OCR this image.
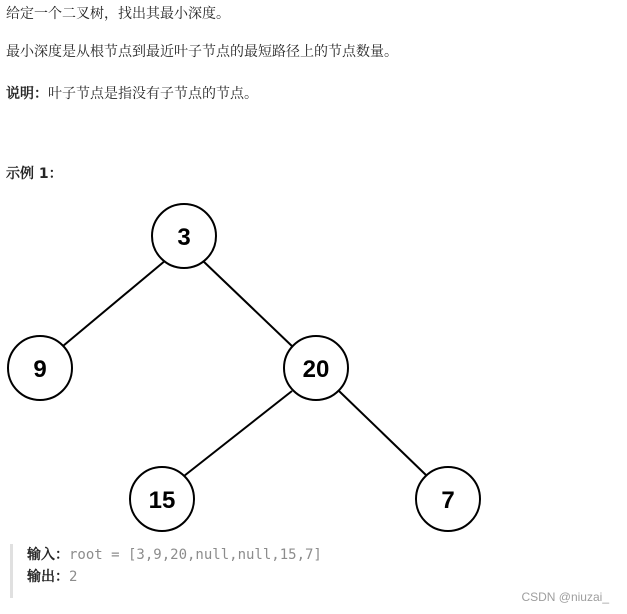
给定一个二叉树，找出其最小深度。
最小深度是从根节点到最近叶子节点的最短路径上的节点数量。
说明：叶子节点是指没有子节点的节点。
示例 1：
3
9	20
15	7
输入：root = [3,9,20,null,null,15,7]
输出：2
CSDN @niuzai_
